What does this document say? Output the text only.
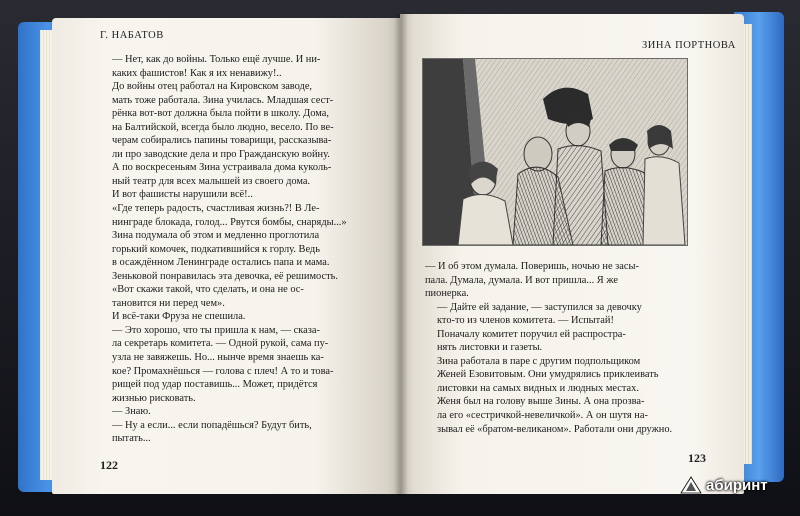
Г. НАБАТОВ
ЗИНА ПОРТНОВА
— Нет, как до войны. Только ещё лучше. И ни-
каких фашистов! Как я их ненавижу!..
До войны отец работал на Кировском заводе,
мать тоже работала. Зина училась. Младшая сест-
рёнка вот-вот должна была пойти в школу. Дома,
на Балтийской, всегда было людно, весело. По ве-
черам собирались папины товарищи, рассказыва-
ли про заводские дела и про Гражданскую войну.
А по воскресеньям Зина устраивала дома куколь-
ный театр для всех малышей из своего дома.
И вот фашисты нарушили всё!..
«Где теперь радость, счастливая жизнь?! В Ле-
нинграде блокада, голод... Рвутся бомбы, снаряды...»
Зина подумала об этом и медленно проглотила
горький комочек, подкатившийся к горлу. Ведь
в осаждённом Ленинграде остались папа и мама.
Зеньковой понравилась эта девочка, её решимость.
«Вот скажи такой, что сделать, и она не ос-
тановится ни перед чем».
И всё-таки Фруза не спешила.
— Это хорошо, что ты пришла к нам, — сказа-
ла секретарь комитета. — Одной рукой, сама пу-
узла не завяжешь. Но... нынче время знаешь ка-
кое? Промахнёшься — голова с плеч! А то и това-
рищей под удар поставишь... Может, придётся
жизнью рисковать.
— Знаю.
— Ну а если... если попадёшься? Будут бить,
пытать...
— И об этом думала. Поверишь, ночью не засы-
пала. Думала, думала. И вот пришла... Я же
пионерка.
— Дайте ей задание, — заступился за девочку
кто-то из членов комитета. — Испытай!
Поначалу комитет поручил ей распростра-
нять листовки и газеты.
Зина работала в паре с другим подпольщиком
Женей Езовитовым. Они умудрялись приклеивать
листовки на самых видных и людных местах.
Женя был на голову выше Зины. А она прозва-
ла его «сестричкой-невеличкой». А он шутя на-
зывал её «братом-великаном». Работали они дружно.
122	123
абиринт
